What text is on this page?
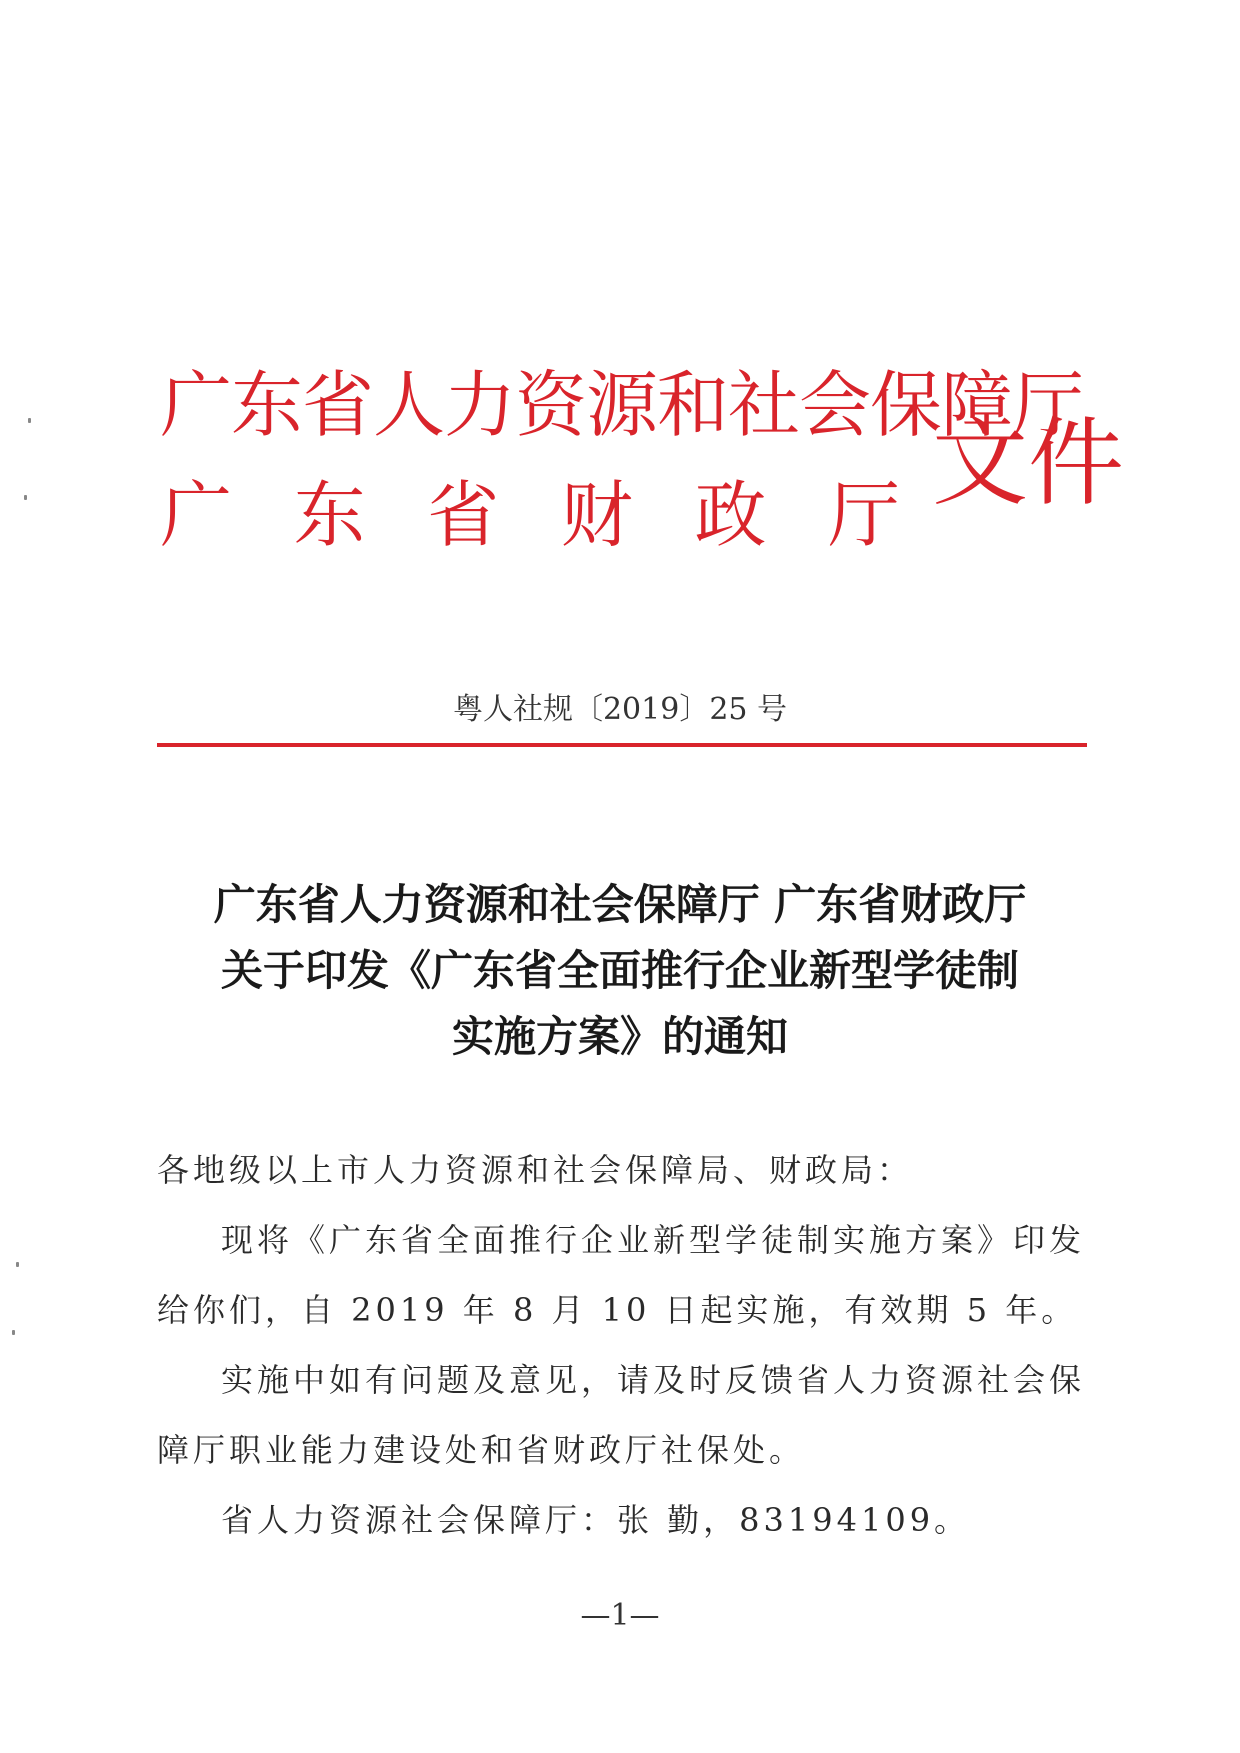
广东省人力资源和社会保障厅
广 东 省 财 政 厅 文件
粤人社规〔2019〕25 号
广东省人力资源和社会保障厅 广东省财政厅
关于印发《广东省全面推行企业新型学徒制
实施方案》的通知

各地级以上市人力资源和社会保障局、财政局：

现将《广东省全面推行企业新型学徒制实施方案》印发给你们，自 2019 年 8 月 10 日起实施，有效期 5 年。

实施中如有问题及意见，请及时反馈省人力资源社会保障厅职业能力建设处和省财政厅社保处。

省人力资源社会保障厅：张 勤，83194109。

—1—
